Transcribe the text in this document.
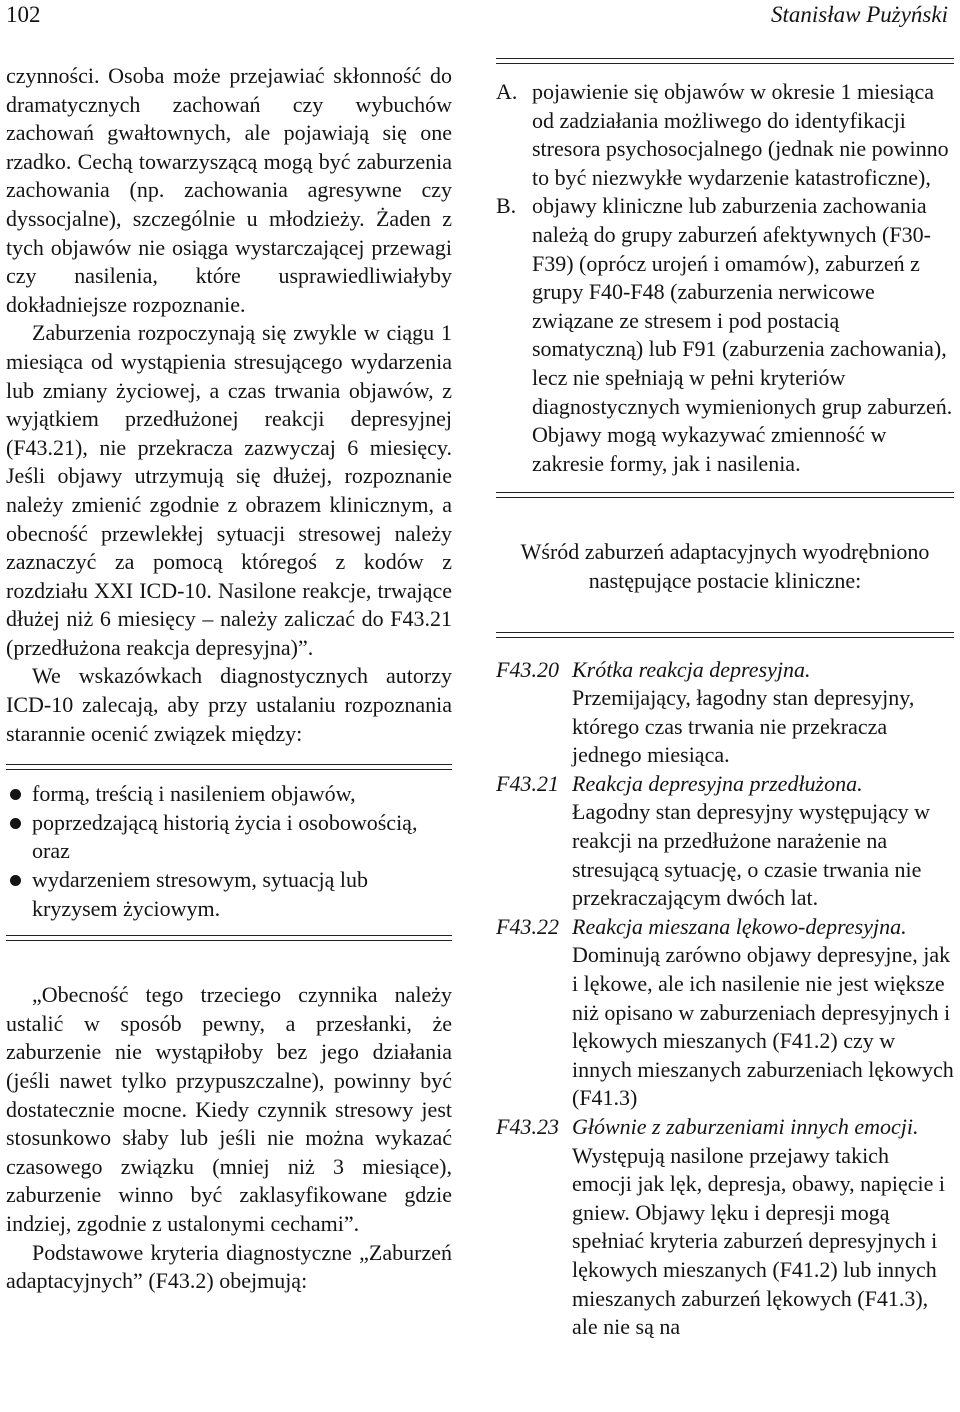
102	Stanisław Pużyński

czynności. Osoba może przejawiać skłonność do dramatycznych zachowań czy wybuchów zachowań gwałtownych, ale pojawiają się one rzadko. Cechą towarzyszącą mogą być zaburzenia zachowania (np. zachowania agresywne czy dyssocjalne), szczególnie u młodzieży. Żaden z tych objawów nie osiąga wystarczającej przewagi czy nasilenia, które usprawiedliwiałyby dokładniejsze rozpoznanie.

Zaburzenia rozpoczynają się zwykle w ciągu 1 miesiąca od wystąpienia stresującego wydarzenia lub zmiany życiowej, a czas trwania objawów, z wyjątkiem przedłużonej reakcji depresyjnej (F43.21), nie przekracza zazwyczaj 6 miesięcy. Jeśli objawy utrzymują się dłużej, rozpoznanie należy zmienić zgodnie z obrazem klinicznym, a obecność przewlekłej sytuacji stresowej należy zaznaczyć za pomocą któregoś z kodów z rozdziału XXI ICD-10. Nasilone reakcje, trwające dłużej niż 6 miesięcy – należy zaliczać do F43.21 (przedłużona reakcja depresyjna)”.

We wskazówkach diagnostycznych autorzy ICD-10 zalecają, aby przy ustalaniu rozpoznania starannie ocenić związek między:

formą, treścią i nasileniem objawów,
poprzedzającą historią życia i osobowością, oraz
wydarzeniem stresowym, sytuacją lub kryzysem życiowym.

„Obecność tego trzeciego czynnika należy ustalić w sposób pewny, a przesłanki, że zaburzenie nie wystąpiłoby bez jego działania (jeśli nawet tylko przypuszczalne), powinny być dostatecznie mocne. Kiedy czynnik stresowy jest stosunkowo słaby lub jeśli nie można wykazać czasowego związku (mniej niż 3 miesiące), zaburzenie winno być zaklasyfikowane gdzie indziej, zgodnie z ustalonymi cechami”.

Podstawowe kryteria diagnostyczne „Zaburzeń adaptacyjnych” (F43.2) obejmują:

A. pojawienie się objawów w okresie 1 miesiąca od zadziałania możliwego do identyfikacji stresora psychosocjalnego (jednak nie powinno to być niezwykłe wydarzenie katastroficzne),
B. objawy kliniczne lub zaburzenia zachowania należą do grupy zaburzeń afektywnych (F30-F39) (oprócz urojeń i omamów), zaburzeń z grupy F40-F48 (zaburzenia nerwicowe związane ze stresem i pod postacią somatyczną) lub F91 (zaburzenia zachowania), lecz nie spełniają w pełni kryteriów diagnostycznych wymienionych grup zaburzeń. Objawy mogą wykazywać zmienność w zakresie formy, jak i nasilenia.

Wśród zaburzeń adaptacyjnych wyodrębniono następujące postacie kliniczne:

F43.20 Krótka reakcja depresyjna.
Przemijający, łagodny stan depresyjny, którego czas trwania nie przekracza jednego miesiąca.
F43.21 Reakcja depresyjna przedłużona.
Łagodny stan depresyjny występujący w reakcji na przedłużone narażenie na stresującą sytuację, o czasie trwania nie przekraczającym dwóch lat.
F43.22 Reakcja mieszana lękowo-depresyjna.
Dominują zarówno objawy depresyjne, jak i lękowe, ale ich nasilenie nie jest większe niż opisano w zaburzeniach depresyjnych i lękowych mieszanych (F41.2) czy w innych mieszanych zaburzeniach lękowych (F41.3)
F43.23 Głównie z zaburzeniami innych emocji.
Występują nasilone przejawy takich emocji jak lęk, depresja, obawy, napięcie i gniew. Objawy lęku i depresji mogą spełniać kryteria zaburzeń depresyjnych i lękowych mieszanych (F41.2) lub innych mieszanych zaburzeń lękowych (F41.3), ale nie są na
